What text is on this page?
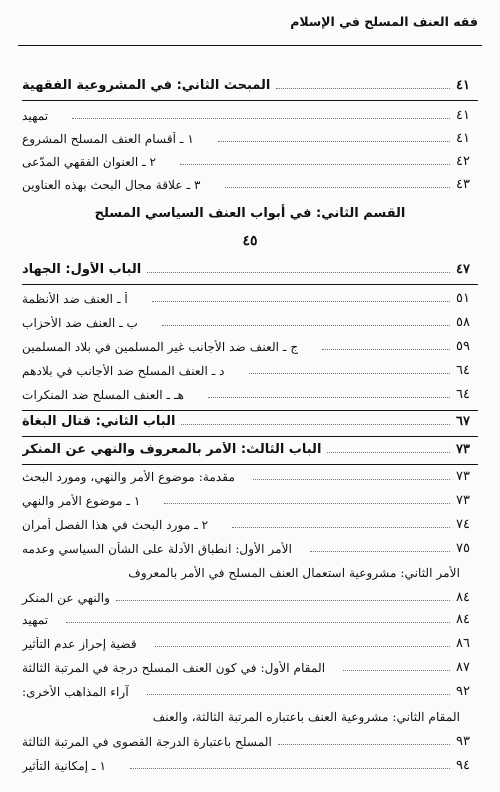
فقه العنف المسلح في الإسلام
المبحث الثاني: في المشروعية الفقهية	٤١
تمهيد	٤١
١ ـ أقسام العنف المسلح المشروع	٤١
٢ ـ العنوان الفقهي المدّعى	٤٢
٣ ـ علاقة مجال البحث بهذه العناوين	٤٣
القسم الثاني: في أبواب العنف السياسي المسلح
٤٥
الباب الأول: الجهاد	٤٧
أ ـ العنف ضد الأنظمة	٥١
ب ـ العنف ضد الأحزاب	٥٨
ج ـ العنف ضد الأجانب غير المسلمين في بلاد المسلمين	٥٩
د ـ العنف المسلح ضد الأجانب في بلادهم	٦٤
هـ ـ العنف المسلح ضد المنكرات	٦٤
الباب الثاني: قتال البغاة	٦٧
الباب الثالث: الأمر بالمعروف والنهي عن المنكر	٧٣
مقدمة: موضوع الأمر والنهي، ومورد البحث	٧٣
١ ـ موضوع الأمر والنهي	٧٣
٢ ـ مورد البحث في هذا الفصل أمران	٧٤
الأمر الأول: انطباق الأدلة على الشأن السياسي وعدمه	٧٥
الأمر الثاني: مشروعية استعمال العنف المسلح في الأمر بالمعروف
والنهي عن المنكر	٨٤
تمهيد	٨٤
قضية إحراز عدم التأثير	٨٦
المقام الأول: في كون العنف المسلح درجة في المرتبة الثالثة	٨٧
آراء المذاهب الأخرى:	٩٢
المقام الثاني: مشروعية العنف باعتباره المرتبة الثالثة، والعنف
المسلح باعتبارة الدرجة القصوى في المرتبة الثالثة	٩٣
١ ـ إمكانية التأثير	٩٤
